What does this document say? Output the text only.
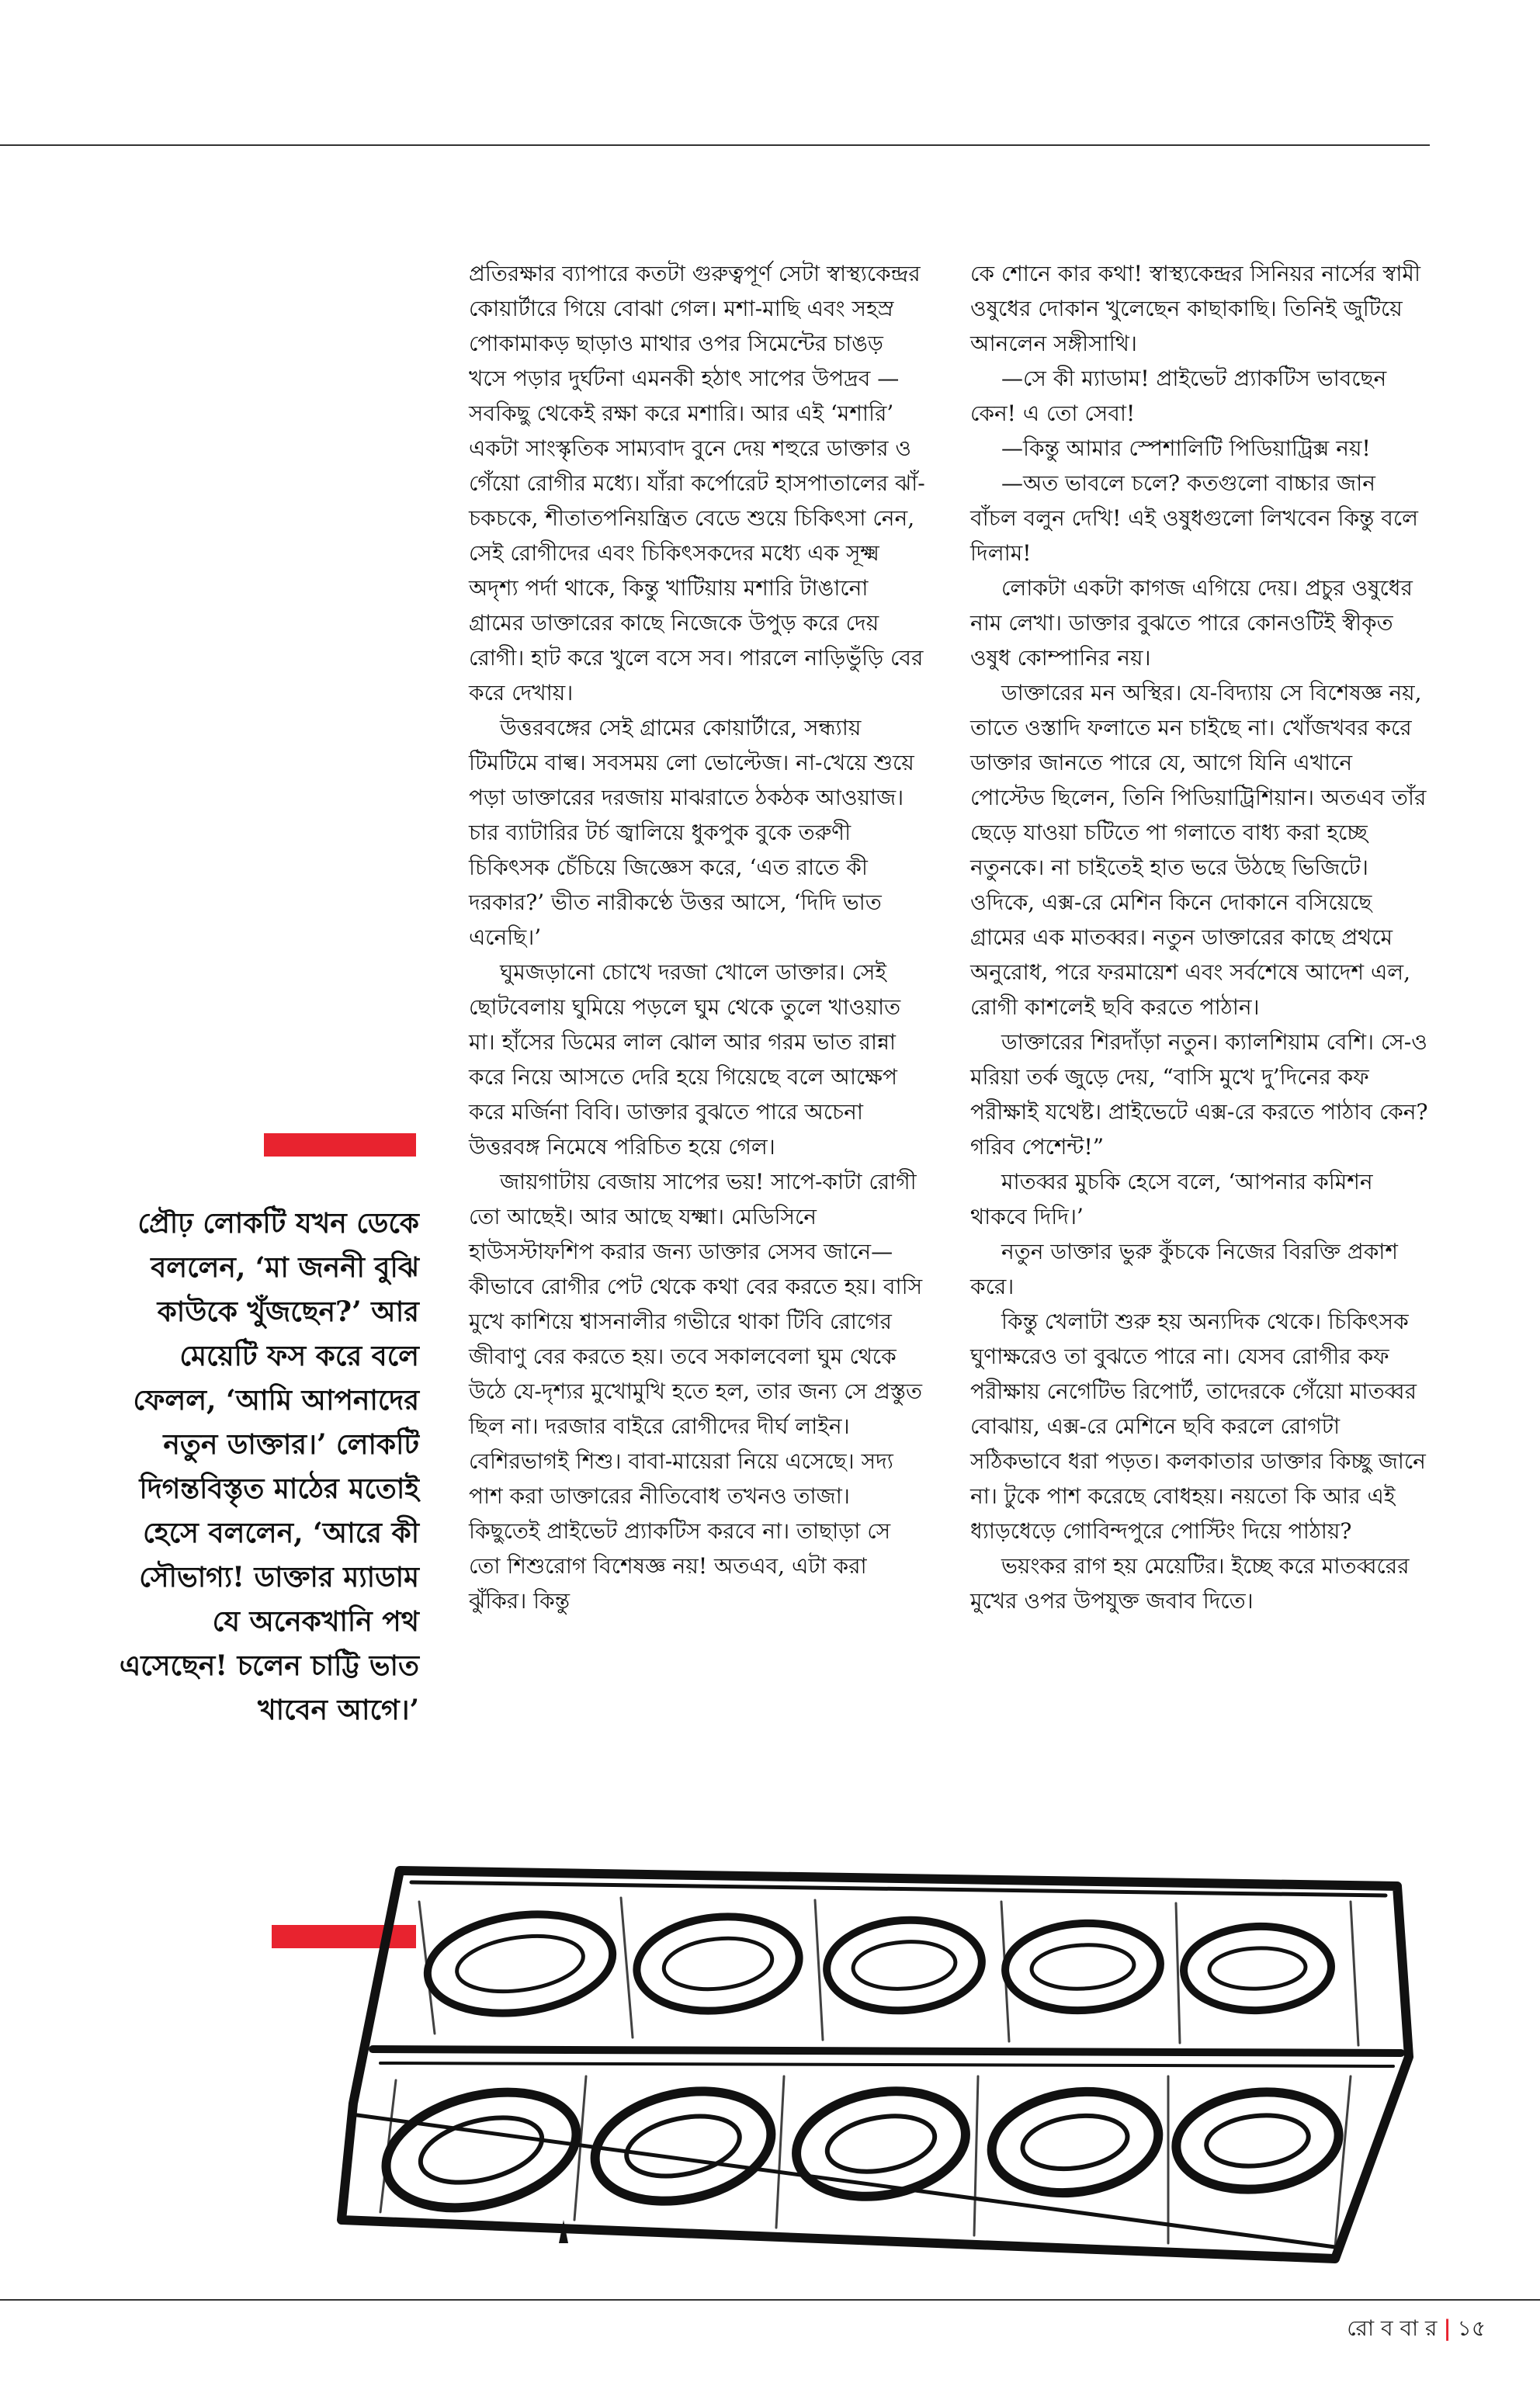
প্রতিরক্ষার ব্যাপারে কতটা গুরুত্বপূর্ণ সেটা স্বাস্থ্যকেন্দ্রর কোয়ার্টারে গিয়ে বোঝা গেল। মশা-মাছি এবং সহস্র পোকামাকড় ছাড়াও মাথার ওপর সিমেন্টের চাঙড় খসে পড়ার দুর্ঘটনা এমনকী হঠাৎ সাপের উপদ্রব — সবকিছু থেকেই রক্ষা করে মশারি। আর এই ‘মশারি’ একটা সাংস্কৃতিক সাম্যবাদ বুনে দেয় শহুরে ডাক্তার ও গেঁয়ো রোগীর মধ্যে। যাঁরা কর্পোরেট হাসপাতালের ঝাঁ-চকচকে, শীতাতপনিয়ন্ত্রিত বেডে শুয়ে চিকিৎসা নেন, সেই রোগীদের এবং চিকিৎসকদের মধ্যে এক সূক্ষ্ম অদৃশ্য পর্দা থাকে, কিন্তু খাটিয়ায় মশারি টাঙানো গ্রামের ডাক্তারের কাছে নিজেকে উপুড় করে দেয় রোগী। হাট করে খুলে বসে সব। পারলে নাড়িভুঁড়ি বের করে দেখায়।

উত্তরবঙ্গের সেই গ্রামের কোয়ার্টারে, সন্ধ্যায় টিমটিমে বাল্ব। সবসময় লো ভোল্টেজ। না-খেয়ে শুয়ে পড়া ডাক্তারের দরজায় মাঝরাতে ঠকঠক আওয়াজ। চার ব্যাটারির টর্চ জ্বালিয়ে ধুকপুক বুকে তরুণী চিকিৎসক চেঁচিয়ে জিজ্ঞেস করে, ‘এত রাতে কী দরকার?’ ভীত নারীকণ্ঠে উত্তর আসে, ‘দিদি ভাত এনেছি।’

ঘুমজড়ানো চোখে দরজা খোলে ডাক্তার। সেই ছোটবেলায় ঘুমিয়ে পড়লে ঘুম থেকে তুলে খাওয়াত মা। হাঁসের ডিমের লাল ঝোল আর গরম ভাত রান্না করে নিয়ে আসতে দেরি হয়ে গিয়েছে বলে আক্ষেপ করে মর্জিনা বিবি। ডাক্তার বুঝতে পারে অচেনা উত্তরবঙ্গ নিমেষে পরিচিত হয়ে গেল।

জায়গাটায় বেজায় সাপের ভয়! সাপে-কাটা রোগী তো আছেই। আর আছে যক্ষ্মা। মেডিসিনে হাউসস্টাফশিপ করার জন্য ডাক্তার সেসব জানে— কীভাবে রোগীর পেট থেকে কথা বের করতে হয়। বাসি মুখে কাশিয়ে শ্বাসনালীর গভীরে থাকা টিবি রোগের জীবাণু বের করতে হয়। তবে সকালবেলা ঘুম থেকে উঠে যে-দৃশ্যর মুখোমুখি হতে হল, তার জন্য সে প্রস্তুত ছিল না। দরজার বাইরে রোগীদের দীর্ঘ লাইন। বেশিরভাগই শিশু। বাবা-মায়েরা নিয়ে এসেছে। সদ্য পাশ করা ডাক্তারের নীতিবোধ তখনও তাজা। কিছুতেই প্রাইভেট প্র্যাকটিস করবে না। তাছাড়া সে তো শিশুরোগ বিশেষজ্ঞ নয়! অতএব, এটা করা ঝুঁকির। কিন্তু

কে শোনে কার কথা! স্বাস্থ্যকেন্দ্রর সিনিয়র নার্সের স্বামী ওষুধের দোকান খুলেছেন কাছাকাছি। তিনিই জুটিয়ে আনলেন সঙ্গীসাথি।

—সে কী ম্যাডাম! প্রাইভেট প্র্যাকটিস ভাবছেন কেন! এ তো সেবা!

—কিন্তু আমার স্পেশালিটি পিডিয়াট্রিক্স নয়!

—অত ভাবলে চলে? কতগুলো বাচ্চার জান বাঁচল বলুন দেখি! এই ওষুধগুলো লিখবেন কিন্তু বলে দিলাম!

লোকটা একটা কাগজ এগিয়ে দেয়। প্রচুর ওষুধের নাম লেখা। ডাক্তার বুঝতে পারে কোনওটিই স্বীকৃত ওষুধ কোম্পানির নয়।

ডাক্তারের মন অস্থির। যে-বিদ্যায় সে বিশেষজ্ঞ নয়, তাতে ওস্তাদি ফলাতে মন চাইছে না। খোঁজখবর করে ডাক্তার জানতে পারে যে, আগে যিনি এখানে পোস্টেড ছিলেন, তিনি পিডিয়াট্রিশিয়ান। অতএব তাঁর ছেড়ে যাওয়া চটিতে পা গলাতে বাধ্য করা হচ্ছে নতুনকে। না চাইতেই হাত ভরে উঠছে ভিজিটে। ওদিকে, এক্স-রে মেশিন কিনে দোকানে বসিয়েছে গ্রামের এক মাতব্বর। নতুন ডাক্তারের কাছে প্রথমে অনুরোধ, পরে ফরমায়েশ এবং সর্বশেষে আদেশ এল, রোগী কাশলেই ছবি করতে পাঠান।

ডাক্তারের শিরদাঁড়া নতুন। ক্যালশিয়াম বেশি। সে-ও মরিয়া তর্ক জুড়ে দেয়, “বাসি মুখে দু’দিনের কফ পরীক্ষাই যথেষ্ট। প্রাইভেটে এক্স-রে করতে পাঠাব কেন? গরিব পেশেন্ট!”

মাতব্বর মুচকি হেসে বলে, ‘আপনার কমিশন থাকবে দিদি।’

নতুন ডাক্তার ভুরু কুঁচকে নিজের বিরক্তি প্রকাশ করে।

কিন্তু খেলাটা শুরু হয় অন্যদিক থেকে। চিকিৎসক ঘুণাক্ষরেও তা বুঝতে পারে না। যেসব রোগীর কফ পরীক্ষায় নেগেটিভ রিপোর্ট, তাদেরকে গেঁয়ো মাতব্বর বোঝায়, এক্স-রে মেশিনে ছবি করলে রোগটা সঠিকভাবে ধরা পড়ত। কলকাতার ডাক্তার কিচ্ছু জানে না। টুকে পাশ করেছে বোধহয়। নয়তো কি আর এই ধ্যাড়ধেড়ে গোবিন্দপুরে পোস্টিং দিয়ে পাঠায়?

ভয়ংকর রাগ হয় মেয়েটির। ইচ্ছে করে মাতব্বরের মুখের ওপর উপযুক্ত জবাব দিতে।

প্রৌঢ় লোকটি যখন ডেকে বললেন, ‘মা জননী বুঝি কাউকে খুঁজছেন?’ আর মেয়েটি ফস করে বলে ফেলল, ‘আমি আপনাদের নতুন ডাক্তার।’ লোকটি দিগন্তবিস্তৃত মাঠের মতোই হেসে বললেন, ‘আরে কী সৌভাগ্য! ডাক্তার ম্যাডাম যে অনেকখানি পথ এসেছেন! চলেন চাট্টি ভাত খাবেন আগে।’
রো ব বা র | ১৫
